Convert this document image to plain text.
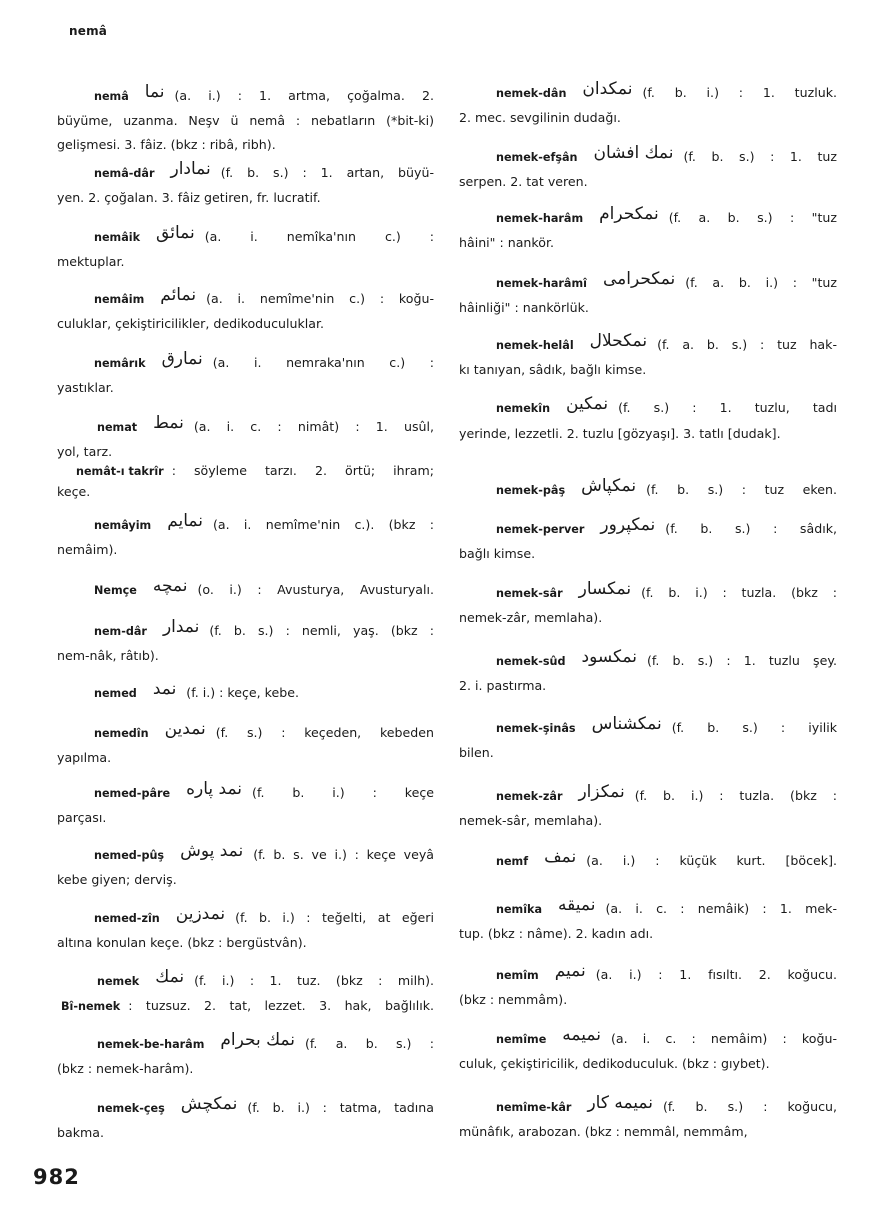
nemâ
nemâ نما (a. i.) : 1. artma, çoğalma. 2.
büyüme, uzanma. Neşv ü nemâ : nebatların (*bit-ki) gelişmesi. 3. fâiz. (bkz : ribâ, ribh).
nemâ-dâr نمادار (f. b. s.) : 1. artan, büyü-
yen. 2. çoğalan. 3. fâiz getiren, fr. lucratif.
nemâik نمائق (a. i. nemîka'nın c.) :
mektuplar.
nemâim نمائم (a. i. nemîme'nin c.) : koğu-
culuklar, çekiştiricilikler, dedikoduculuklar.
nemârık نمارق (a. i. nemraka'nın c.) :
yastıklar.
nemat نمط (a. i. c. : nimât) : 1. usûl,
yol, tarz.
nemât-ı takrîr : söyleme tarzı. 2. örtü; ihram;
keçe.
nemâyim نمايم (a. i. nemîme'nin c.). (bkz :
nemâim).
Nemçe نمچه (o. i.) : Avusturya, Avusturyalı.
nem-dâr نمدار (f. b. s.) : nemli, yaş. (bkz :
nem-nâk, râtıb).
nemed نمد (f. i.) : keçe, kebe.
nemedîn نمدين (f. s.) : keçeden, kebeden
yapılma.
nemed-pâre نمد پاره (f. b. i.) : keçe
parçası.
nemed-pûş نمد پوش (f. b. s. ve i.) : keçe veyâ
kebe giyen; derviş.
nemed-zîn نمدزين (f. b. i.) : teğelti, at eğeri
altına konulan keçe. (bkz : bergüstvân).
nemek نمك (f. i.) : 1. tuz. (bkz : milh).
Bî-nemek : tuzsuz. 2. tat, lezzet. 3. hak, bağlılık.
nemek-be-harâm نمك بحرام (f. a. b. s.) :
(bkz : nemek-harâm).
nemek-çeş نمكچش (f. b. i.) : tatma, tadına
bakma.
nemek-dân نمكدان (f. b. i.) : 1. tuzluk.
2. mec. sevgilinin dudağı.
nemek-efşân نمك افشان (f. b. s.) : 1. tuz
serpen. 2. tat veren.
nemek-harâm نمكحرام (f. a. b. s.) : "tuz
hâini" : nankör.
nemek-harâmî نمكحرامى (f. a. b. i.) : "tuz
hâinliği" : nankörlük.
nemek-helâl نمكحلال (f. a. b. s.) : tuz hak-
kı tanıyan, sâdık, bağlı kimse.
nemekîn نمكين (f. s.) : 1. tuzlu, tadı
yerinde, lezzetli. 2. tuzlu [gözyaşı]. 3. tatlı [dudak].
nemek-pâş نمكپاش (f. b. s.) : tuz eken.
nemek-perver نمكپرور (f. b. s.) : sâdık,
bağlı kimse.
nemek-sâr نمكسار (f. b. i.) : tuzla. (bkz :
nemek-zâr, memlaha).
nemek-sûd نمكسود (f. b. s.) : 1. tuzlu şey.
2. i. pastırma.
nemek-şinâs نمكشناس (f. b. s.) : iyilik
bilen.
nemek-zâr نمكزار (f. b. i.) : tuzla. (bkz :
nemek-sâr, memlaha).
nemf نمف (a. i.) : küçük kurt. [böcek].
nemîka نميقه (a. i. c. : nemâik) : 1. mek-
tup. (bkz : nâme). 2. kadın adı.
nemîm نميم (a. i.) : 1. fısıltı. 2. koğucu.
(bkz : nemmâm).
nemîme نميمه (a. i. c. : nemâim) : koğu-
culuk, çekiştiricilik, dedikoduculuk. (bkz : gıybet).
nemîme-kâr نميمه كار (f. b. s.) : koğucu,
münâfık, arabozan. (bkz : nemmâl, nemmâm,
982
